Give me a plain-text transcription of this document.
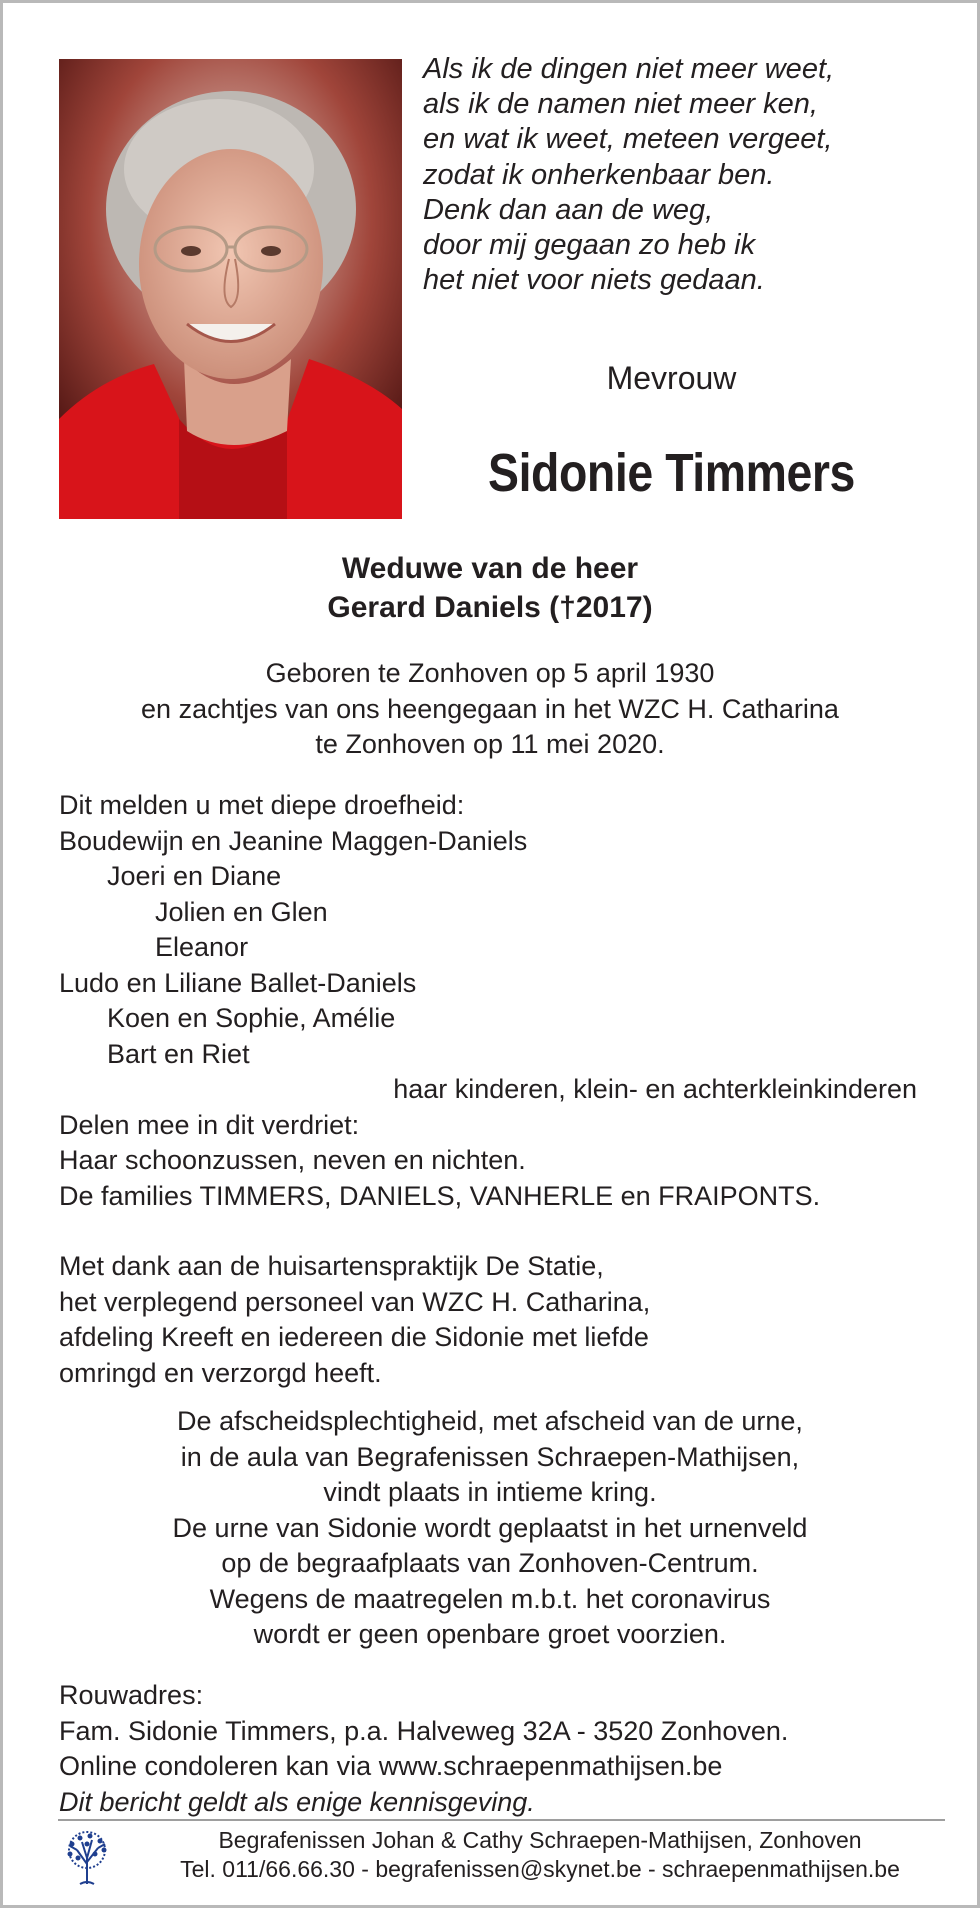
Als ik de dingen niet meer weet,
als ik de namen niet meer ken,
en wat ik weet, meteen vergeet,
zodat ik onherkenbaar ben.
Denk dan aan de weg,
door mij gegaan zo heb ik
het niet voor niets gedaan.
Mevrouw
Sidonie Timmers
Weduwe van de heer
Gerard Daniels (†2017)
Geboren te Zonhoven op 5 april 1930
en zachtjes van ons heengegaan in het WZC H. Catharina
te Zonhoven op 11 mei 2020.
Dit melden u met diepe droefheid:
Boudewijn en Jeanine Maggen-Daniels
Joeri en Diane
Jolien en Glen
Eleanor
Ludo en Liliane Ballet-Daniels
Koen en Sophie, Amélie
Bart en Riet
haar kinderen, klein- en achterkleinkinderen
Delen mee in dit verdriet:
Haar schoonzussen, neven en nichten.
De families TIMMERS, DANIELS, VANHERLE en FRAIPONTS.
Met dank aan de huisartenspraktijk De Statie,
het verplegend personeel van WZC H. Catharina,
afdeling Kreeft en iedereen die Sidonie met liefde
omringd en verzorgd heeft.
De afscheidsplechtigheid, met afscheid van de urne,
in de aula van Begrafenissen Schraepen-Mathijsen,
vindt plaats in intieme kring.
De urne van Sidonie wordt geplaatst in het urnenveld
op de begraafplaats van Zonhoven-Centrum.
Wegens de maatregelen m.b.t. het coronavirus
wordt er geen openbare groet voorzien.
Rouwadres:
Fam. Sidonie Timmers, p.a. Halveweg 32A - 3520 Zonhoven.
Online condoleren kan via www.schraepenmathijsen.be
Dit bericht geldt als enige kennisgeving.
Begrafenissen Johan & Cathy Schraepen-Mathijsen, Zonhoven
Tel. 011/66.66.30 - begrafenissen@skynet.be - schraepenmathijsen.be
